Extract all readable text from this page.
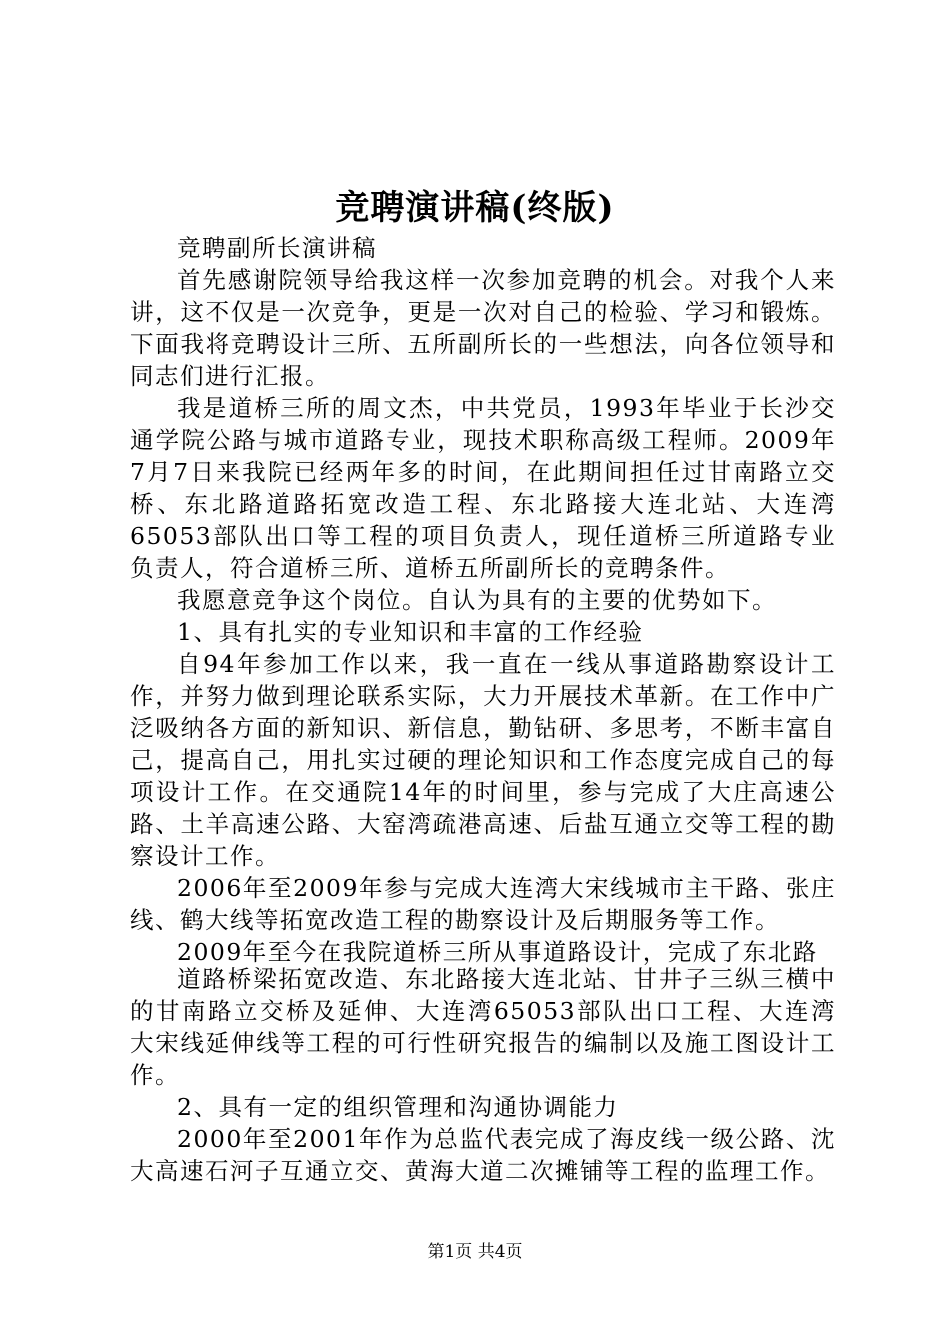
竞聘演讲稿(终版)

竞聘副所长演讲稿

首先感谢院领导给我这样一次参加竞聘的机会。对我个人来讲，这不仅是一次竞争，更是一次对自己的检验、学习和锻炼。下面我将竞聘设计三所、五所副所长的一些想法，向各位领导和同志们进行汇报。

我是道桥三所的周文杰，中共党员，1993年毕业于长沙交通学院公路与城市道路专业，现技术职称高级工程师。2009年7月7日来我院已经两年多的时间，在此期间担任过甘南路立交桥、东北路道路拓宽改造工程、东北路接大连北站、大连湾65053部队出口等工程的项目负责人，现任道桥三所道路专业负责人，符合道桥三所、道桥五所副所长的竞聘条件。

我愿意竞争这个岗位。自认为具有的主要的优势如下。

1、具有扎实的专业知识和丰富的工作经验

自94年参加工作以来，我一直在一线从事道路勘察设计工作，并努力做到理论联系实际，大力开展技术革新。在工作中广泛吸纳各方面的新知识、新信息，勤钻研、多思考，不断丰富自己，提高自己，用扎实过硬的理论知识和工作态度完成自己的每项设计工作。在交通院14年的时间里，参与完成了大庄高速公路、土羊高速公路、大窑湾疏港高速、后盐互通立交等工程的勘察设计工作。

2006年至2009年参与完成大连湾大宋线城市主干路、张庄线、鹤大线等拓宽改造工程的勘察设计及后期服务等工作。

2009年至今在我院道桥三所从事道路设计，完成了东北路

道路桥梁拓宽改造、东北路接大连北站、甘井子三纵三横中的甘南路立交桥及延伸、大连湾65053部队出口工程、大连湾大宋线延伸线等工程的可行性研究报告的编制以及施工图设计工作。

2、具有一定的组织管理和沟通协调能力

2000年至2001年作为总监代表完成了海皮线一级公路、沈大高速石河子互通立交、黄海大道二次摊铺等工程的监理工作。

第1页 共4页
